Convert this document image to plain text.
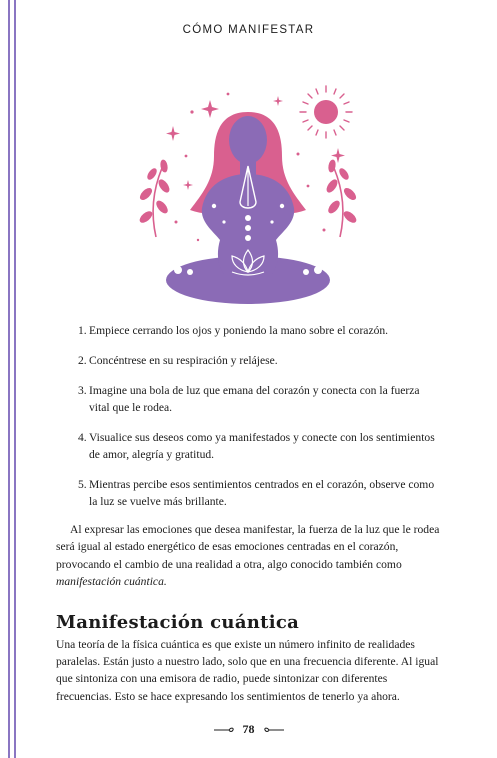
CÓMO MANIFESTAR
1. Empiece cerrando los ojos y poniendo la mano sobre el corazón.
2. Concéntrese en su respiración y relájese.
3. Imagine una bola de luz que emana del corazón y conecta con la fuerza vital que le rodea.
4. Visualice sus deseos como ya manifestados y conecte con los sentimientos de amor, alegría y gratitud.
5. Mientras percibe esos sentimientos centrados en el corazón, observe como la luz se vuelve más brillante.

Al expresar las emociones que desea manifestar, la fuerza de la luz que le rodea será igual al estado energético de esas emociones centradas en el corazón, provocando el cambio de una realidad a otra, algo conocido también como manifestación cuántica.

Manifestación cuántica

Una teoría de la física cuántica es que existe un número infinito de realidades paralelas. Están justo a nuestro lado, solo que en una frecuencia diferente. Al igual que sintoniza con una emisora de radio, puede sintonizar con diferentes frecuencias. Esto se hace expresando los sentimientos de tenerlo ya ahora.

78
